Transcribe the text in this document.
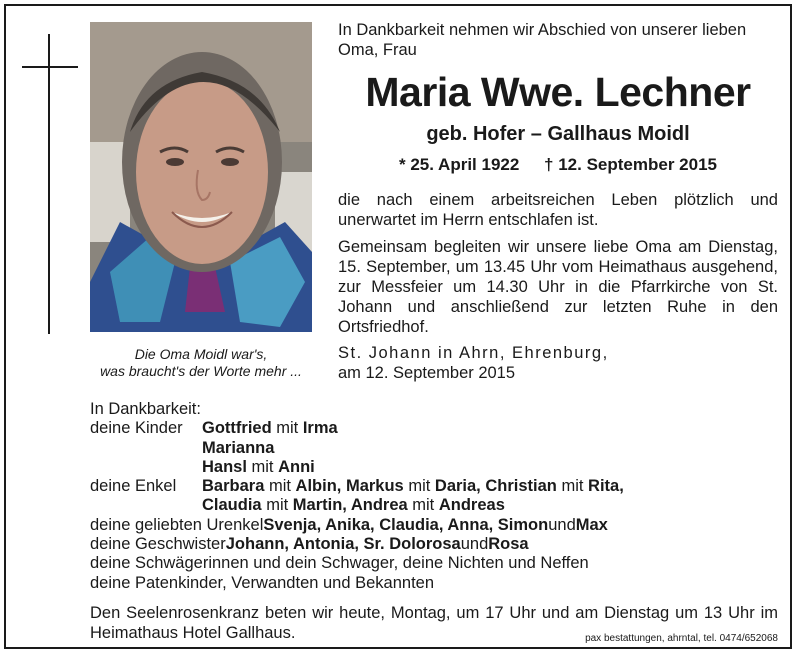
Die Oma Moidl war's,
was braucht's der Worte mehr ...
In Dankbarkeit nehmen wir Abschied von unserer lieben Oma, Frau
Maria Wwe. Lechner
geb. Hofer – Gallhaus Moidl
* 25. April 1922 † 12. September 2015
die nach einem arbeitsreichen Leben plötzlich und unerwartet im Herrn entschlafen ist.
Gemeinsam begleiten wir unsere liebe Oma am Dienstag, 15. September, um 13.45 Uhr vom Heimathaus ausgehend, zur Messfeier um 14.30 Uhr in die Pfarrkirche von St. Johann und anschließend zur letzten Ruhe in den Ortsfriedhof.
St. Johann in Ahrn, Ehrenburg,
am 12. September 2015
In Dankbarkeit:
deine Kinder	Gottfried mit Irma
Marianna
Hansl mit Anni
deine Enkel	Barbara mit Albin, Markus mit Daria, Christian mit Rita,
Claudia mit Martin, Andrea mit Andreas
deine geliebten Urenkel Svenja, Anika, Claudia, Anna, Simon und Max
deine Geschwister Johann, Antonia, Sr. Dolorosa und Rosa
deine Schwägerinnen und dein Schwager, deine Nichten und Neffen
deine Patenkinder, Verwandten und Bekannten
Den Seelenrosenkranz beten wir heute, Montag, um 17 Uhr und am Dienstag um 13 Uhr im Heimathaus Hotel Gallhaus.	pax bestattungen, ahrntal, tel. 0474/652068
